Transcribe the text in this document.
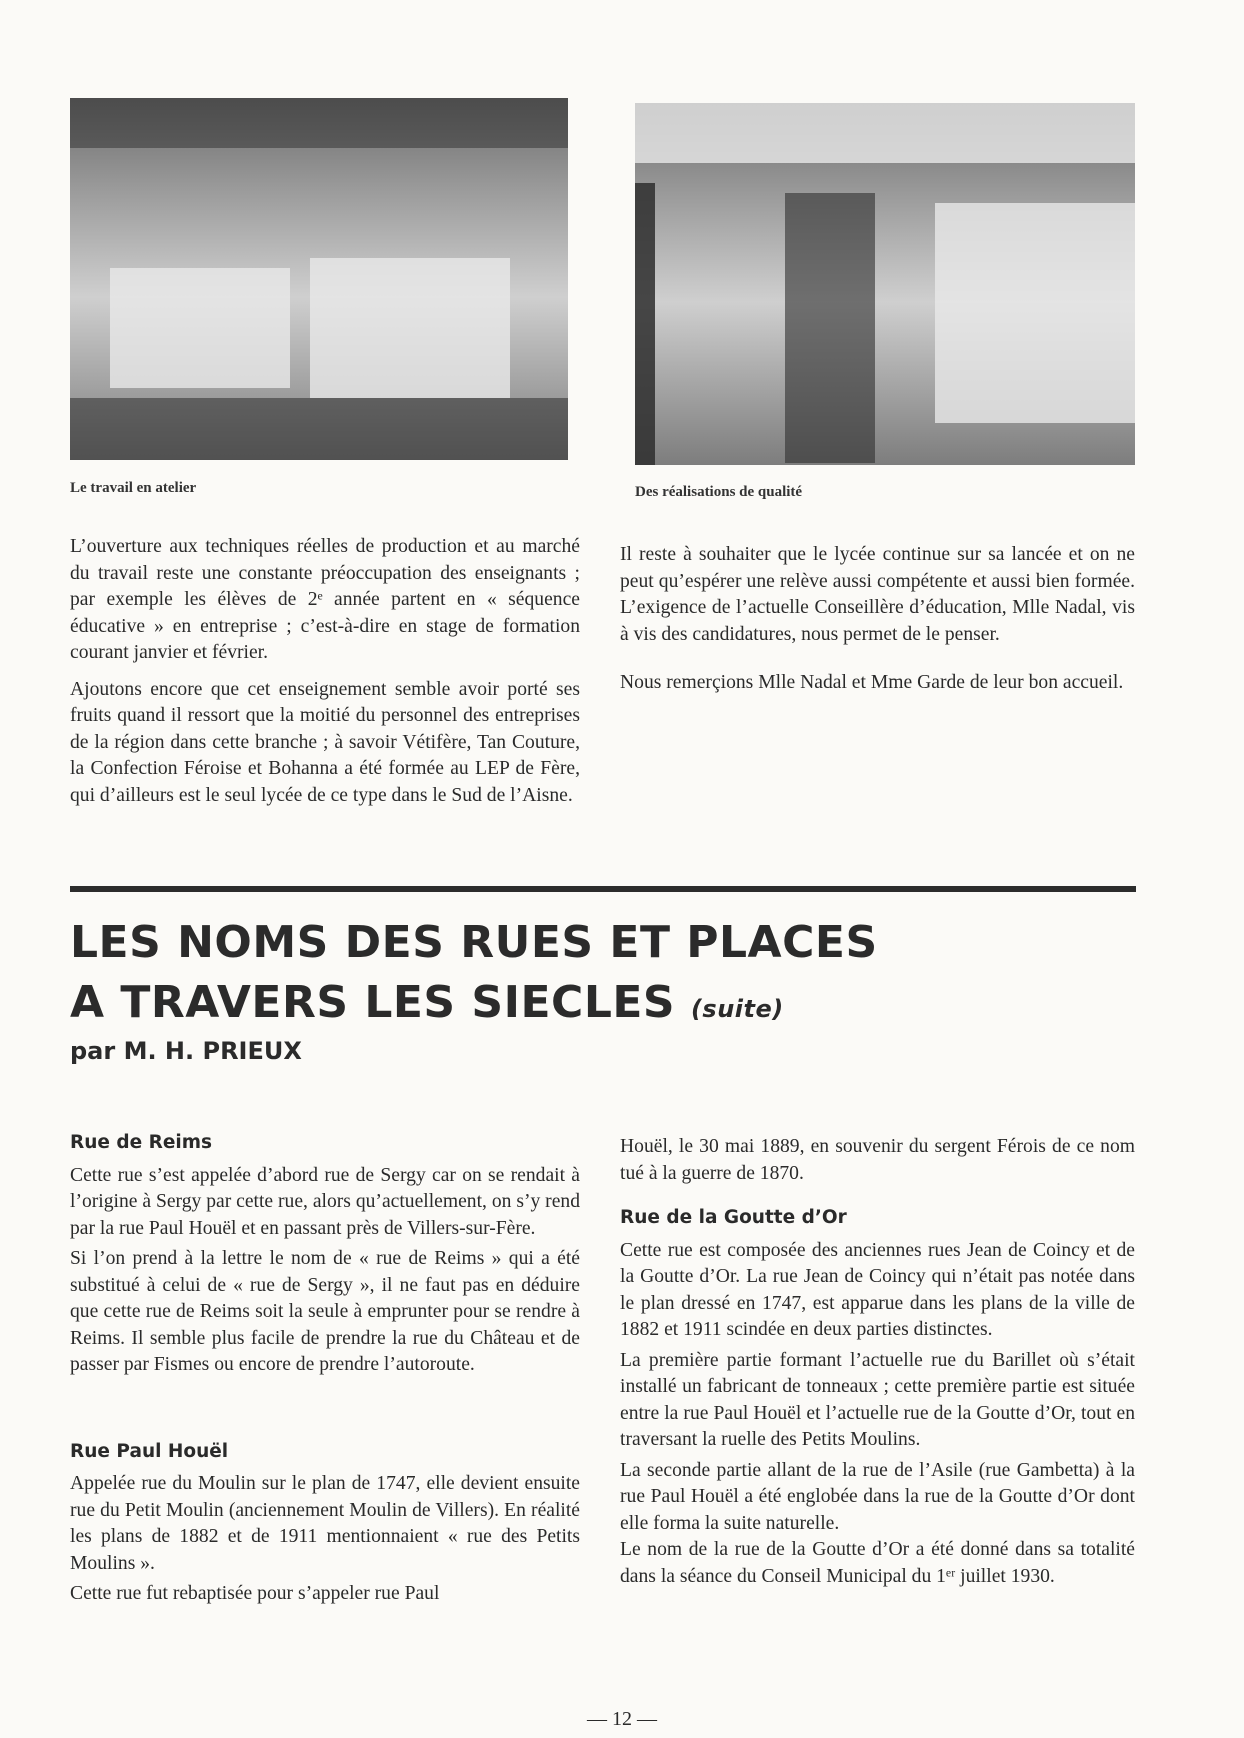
Le travail en atelier	Des réalisations de qualité

L’ouverture aux techniques réelles de production et au marché du travail reste une constante préoccupation des enseignants ; par exemple les élèves de 2ᵉ année partent en « séquence éducative » en entreprise ; c’est-à-dire en stage de formation courant janvier et février.

Ajoutons encore que cet enseignement semble avoir porté ses fruits quand il ressort que la moitié du personnel des entreprises de la région dans cette branche ; à savoir Vétifère, Tan Couture, la Confection Féroise et Bohanna a été formée au LEP de Fère, qui d’ailleurs est le seul lycée de ce type dans le Sud de l’Aisne.

Il reste à souhaiter que le lycée continue sur sa lancée et on ne peut qu’espérer une relève aussi compétente et aussi bien formée. L’exigence de l’actuelle Conseillère d’éducation, Mlle Nadal, vis à vis des candidatures, nous permet de le penser.

Nous remerçions Mlle Nadal et Mme Garde de leur bon accueil.

LES NOMS DES RUES ET PLACES
A TRAVERS LES SIECLES (suite)
par M. H. PRIEUX
Rue de Reims

Cette rue s’est appelée d’abord rue de Sergy car on se rendait à l’origine à Sergy par cette rue, alors qu’actuellement, on s’y rend par la rue Paul Houël et en passant près de Villers-sur-Fère.

Si l’on prend à la lettre le nom de « rue de Reims » qui a été substitué à celui de « rue de Sergy », il ne faut pas en déduire que cette rue de Reims soit la seule à emprunter pour se rendre à Reims. Il semble plus facile de prendre la rue du Château et de passer par Fismes ou encore de prendre l’autoroute.

Rue Paul Houël

Appelée rue du Moulin sur le plan de 1747, elle devient ensuite rue du Petit Moulin (anciennement Moulin de Villers). En réalité les plans de 1882 et de 1911 mentionnaient « rue des Petits Moulins ».

Cette rue fut rebaptisée pour s’appeler rue Paul

Houël, le 30 mai 1889, en souvenir du sergent Férois de ce nom tué à la guerre de 1870.

Rue de la Goutte d’Or

Cette rue est composée des anciennes rues Jean de Coincy et de la Goutte d’Or. La rue Jean de Coincy qui n’était pas notée dans le plan dressé en 1747, est apparue dans les plans de la ville de 1882 et 1911 scindée en deux parties distinctes.

La première partie formant l’actuelle rue du Barillet où s’était installé un fabricant de tonneaux ; cette première partie est située entre la rue Paul Houël et l’actuelle rue de la Goutte d’Or, tout en traversant la ruelle des Petits Moulins.

La seconde partie allant de la rue de l’Asile (rue Gambetta) à la rue Paul Houël a été englobée dans la rue de la Goutte d’Or dont elle forma la suite naturelle.

Le nom de la rue de la Goutte d’Or a été donné dans sa totalité dans la séance du Conseil Municipal du 1ᵉʳ juillet 1930.

— 12 —
